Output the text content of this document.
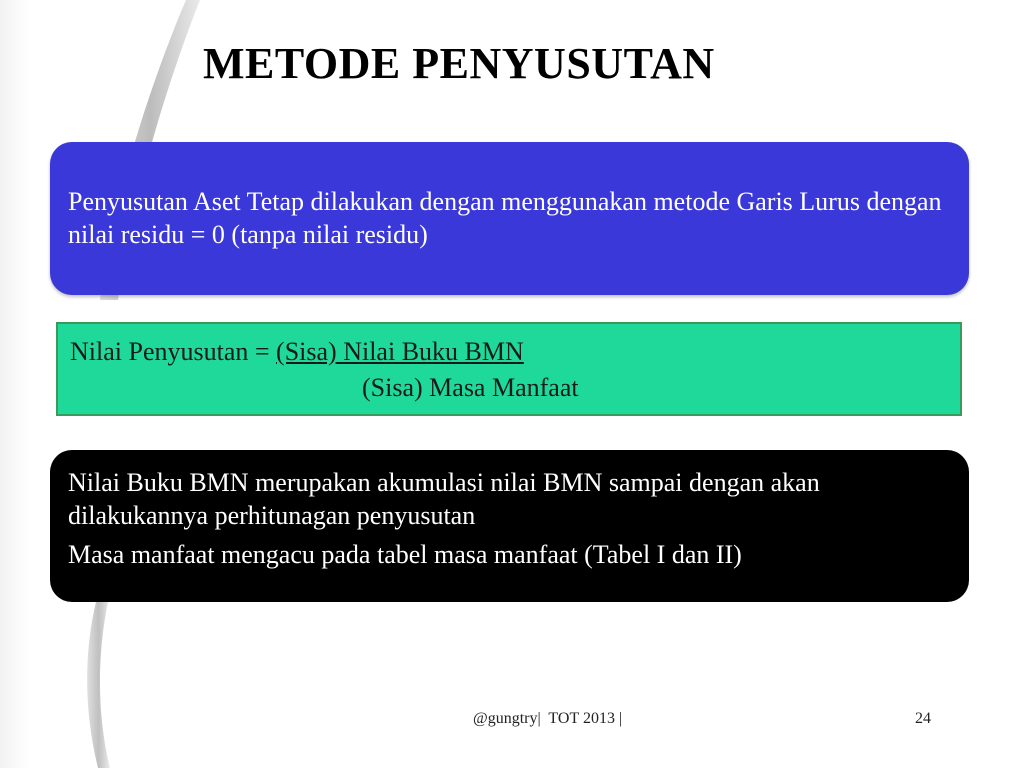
METODE PENYUSUTAN
Penyusutan Aset Tetap dilakukan dengan menggunakan metode Garis Lurus dengan nilai residu = 0 (tanpa nilai residu)
Nilai Penyusutan = (Sisa) Nilai Buku BMN
(Sisa) Masa Manfaat

Nilai Buku BMN merupakan akumulasi nilai BMN sampai dengan akan dilakukannya perhitunagan penyusutan

Masa manfaat mengacu pada tabel masa manfaat (Tabel I dan II)

@gungtry|  TOT 2013 |	24
